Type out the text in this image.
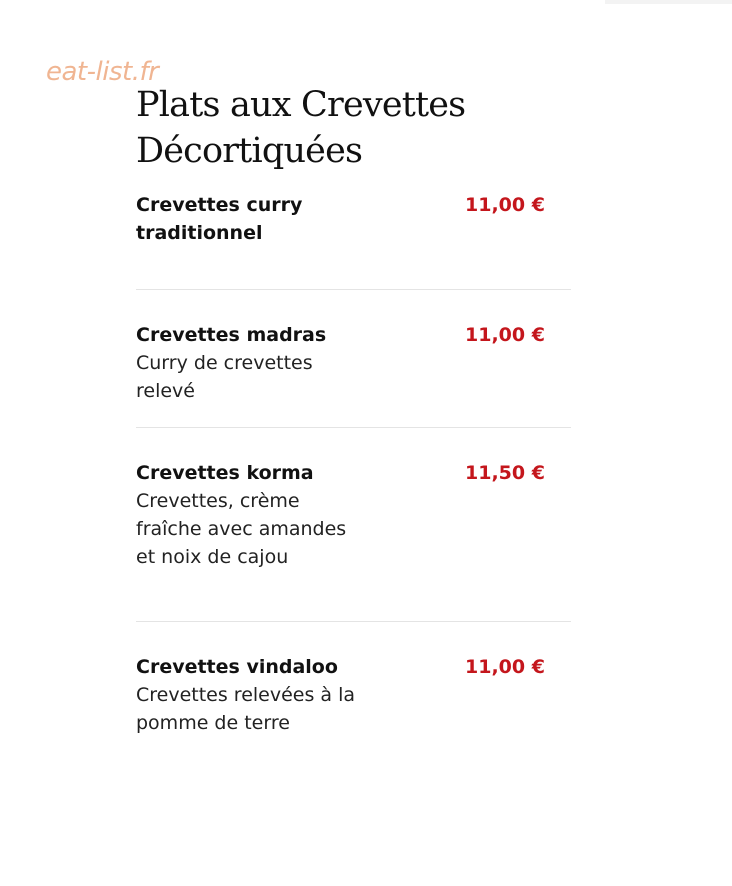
eat-list.fr
Plats aux Crevettes
Décortiquées
Crevettes curry traditionnel
11,00 €
Crevettes madras
Curry de crevettes relevé
11,00 €
Crevettes korma
Crevettes, crème fraîche avec amandes et noix de cajou
11,50 €
Crevettes vindaloo
Crevettes relevées à la pomme de terre
11,00 €
